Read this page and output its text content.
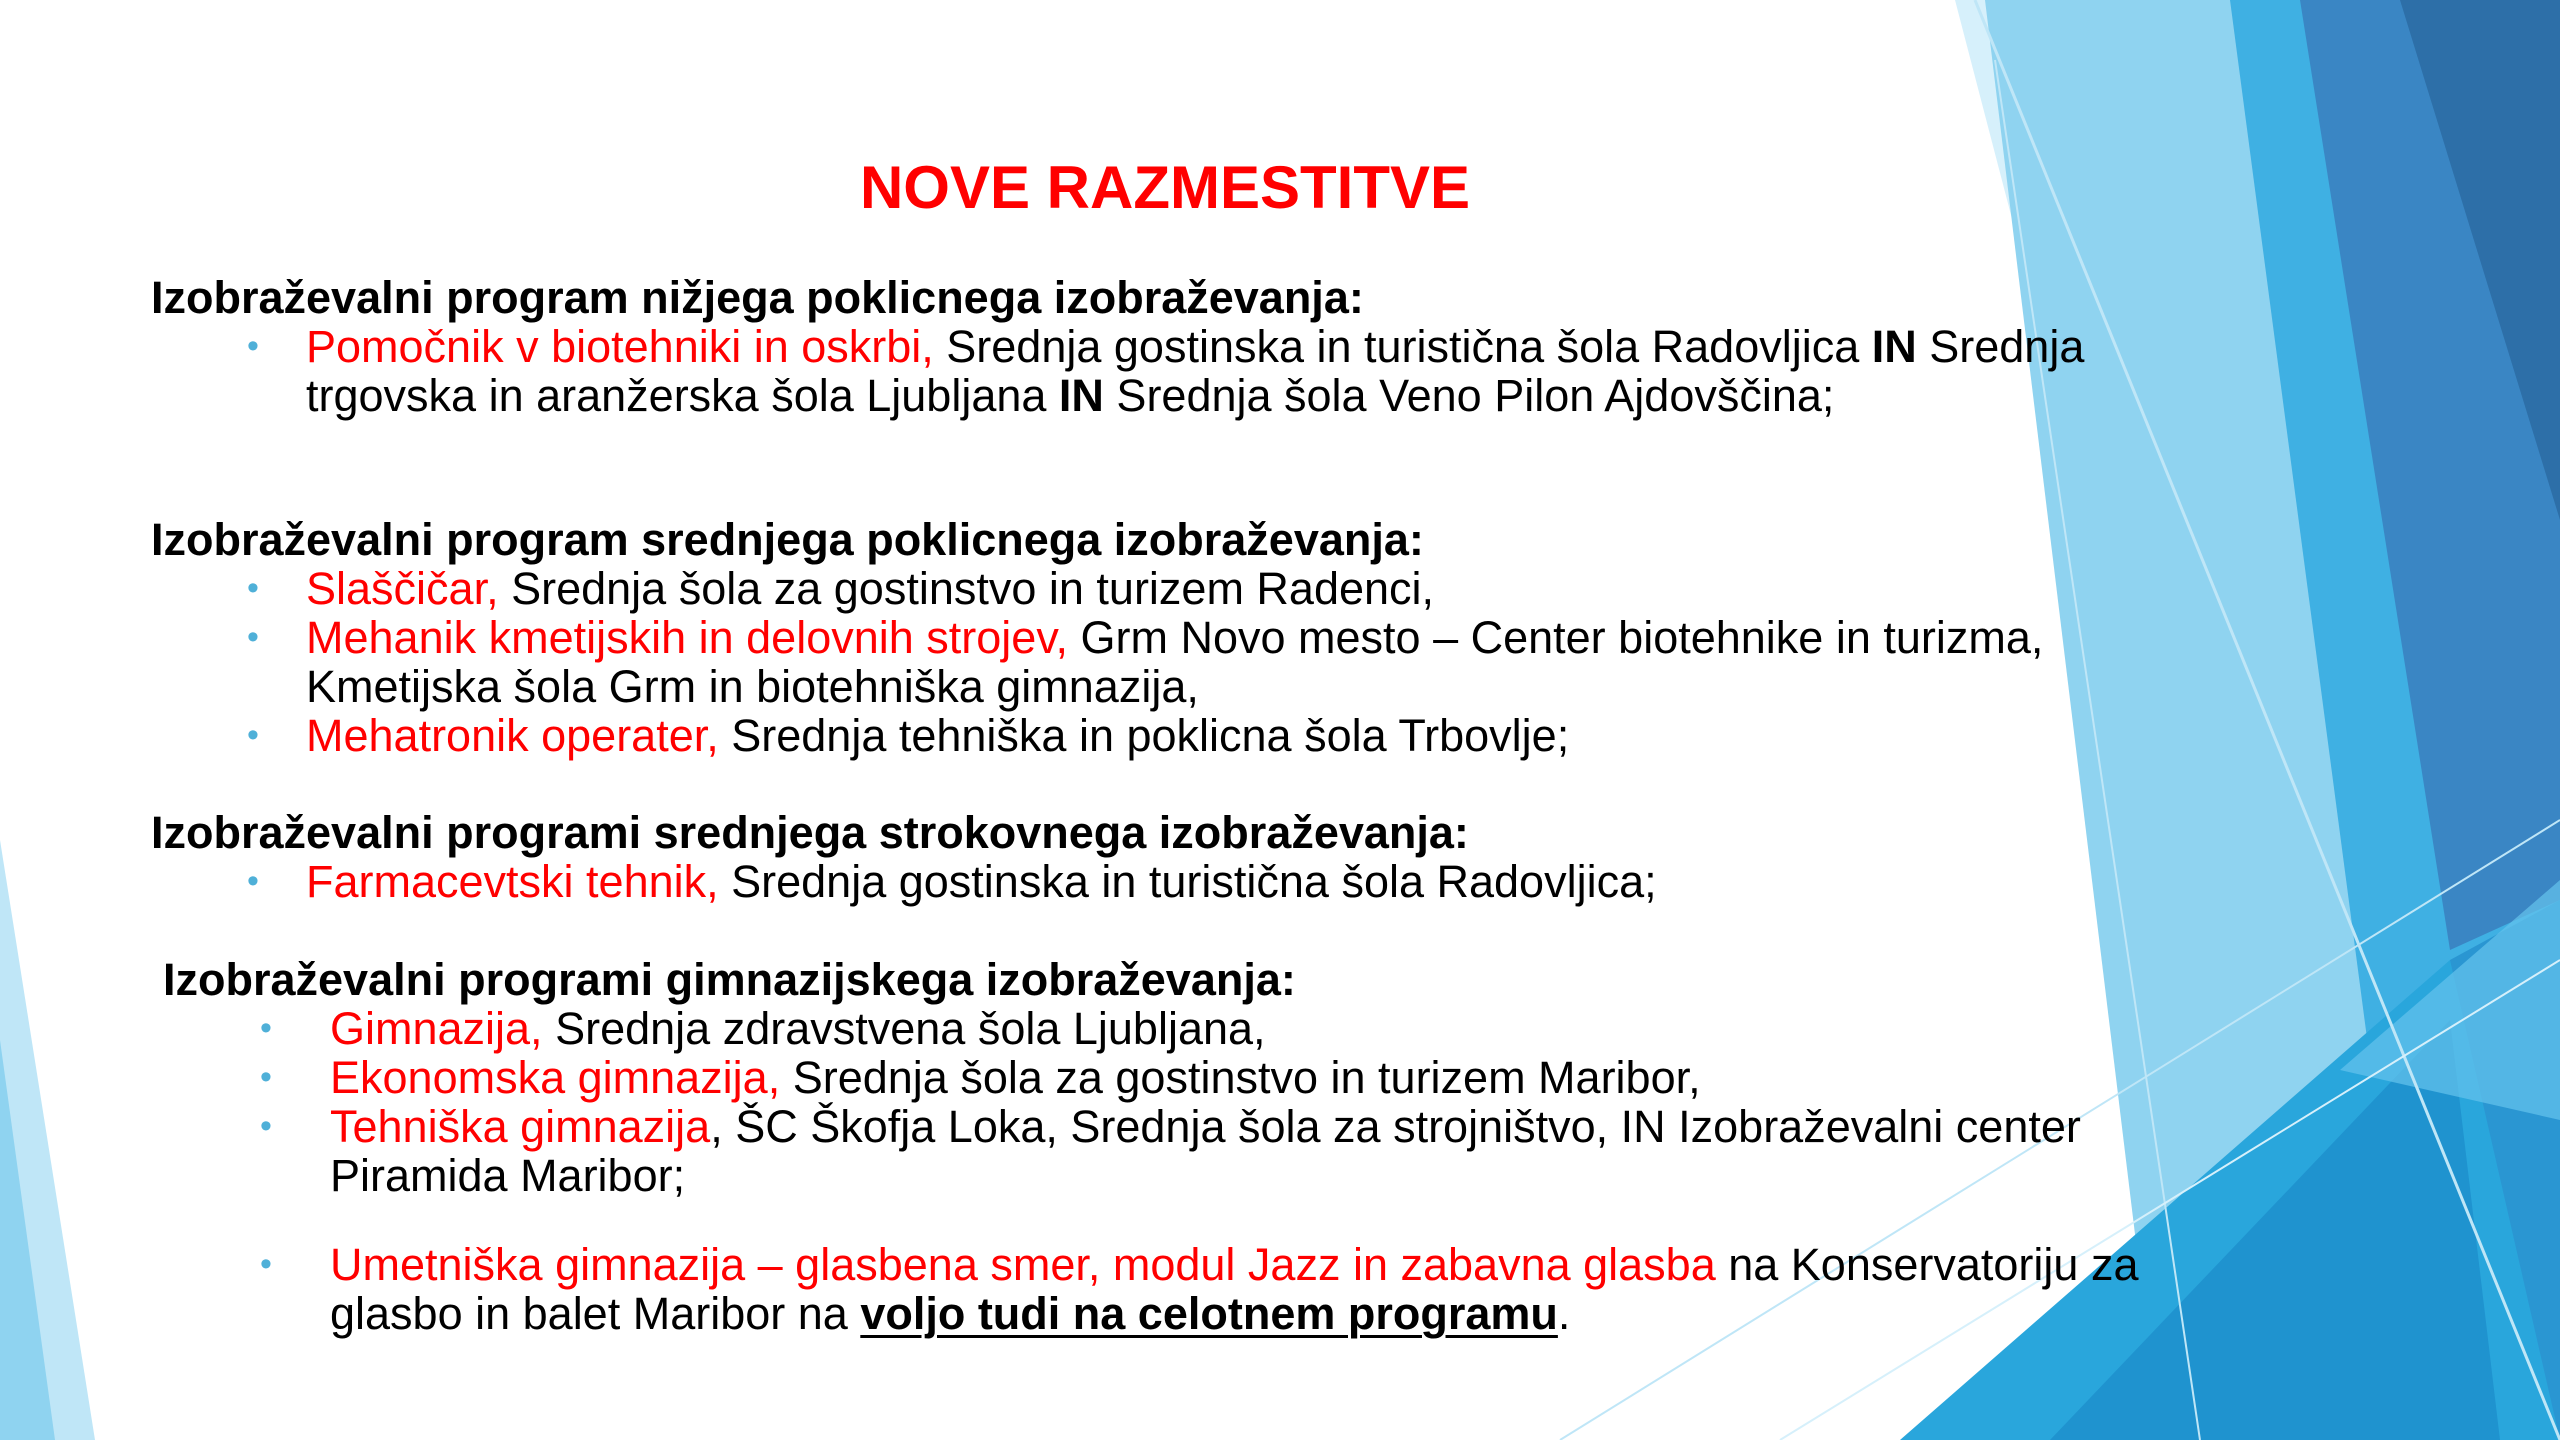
NOVE RAZMESTITVE

Izobraževalni program nižjega poklicnega izobraževanja:

• Pomočnik v biotehniki in oskrbi, Srednja gostinska in turistična šola Radovljica IN Srednja trgovska in aranžerska šola Ljubljana IN Srednja šola Veno Pilon Ajdovščina;

Izobraževalni program srednjega poklicnega izobraževanja:

• Slaščičar, Srednja šola za gostinstvo in turizem Radenci,
• Mehanik kmetijskih in delovnih strojev, Grm Novo mesto – Center biotehnike in turizma, Kmetijska šola Grm in biotehniška gimnazija,
• Mehatronik operater, Srednja tehniška in poklicna šola Trbovlje;

Izobraževalni programi srednjega strokovnega izobraževanja:

• Farmacevtski tehnik, Srednja gostinska in turistična šola Radovljica;

Izobraževalni programi gimnazijskega izobraževanja:

• Gimnazija, Srednja zdravstvena šola Ljubljana,
• Ekonomska gimnazija, Srednja šola za gostinstvo in turizem Maribor,
• Tehniška gimnazija, ŠC Škofja Loka, Srednja šola za strojništvo, IN Izobraževalni center Piramida Maribor;
• Umetniška gimnazija – glasbena smer, modul Jazz in zabavna glasba na Konservatoriju za glasbo in balet Maribor na voljo tudi na celotnem programu.
